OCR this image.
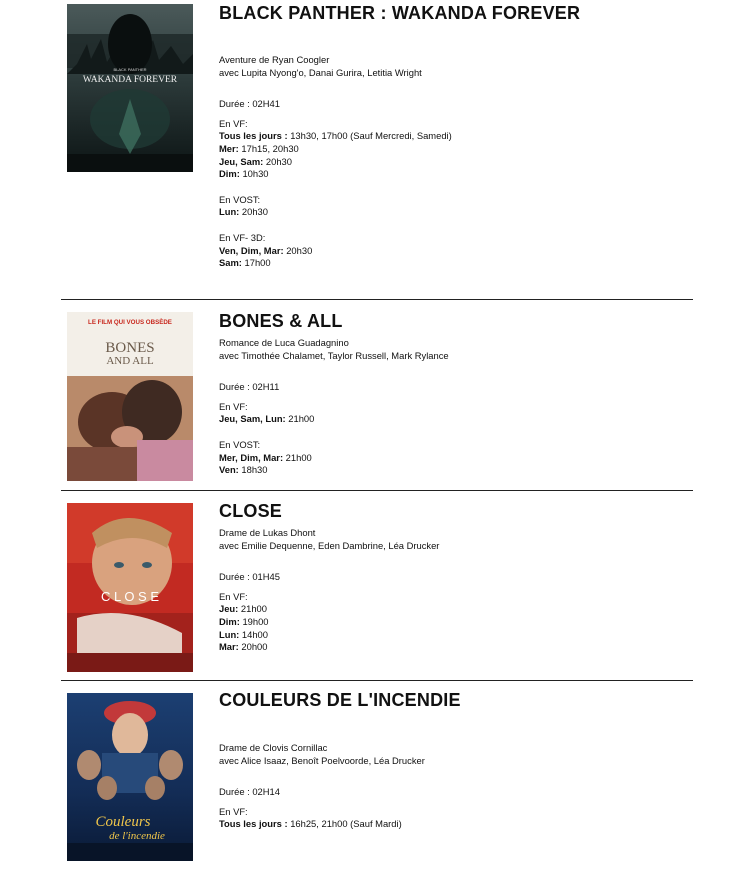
BLACK PANTHER
WAKANDA FOREVER
BLACK PANTHER : WAKANDA FOREVER
Aventure de Ryan Coogler
avec Lupita Nyong'o, Danai Gurira, Letitia Wright
Durée : 02H41
En VF:
Tous les jours : 13h30, 17h00 (Sauf Mercredi, Samedi)
Mer: 17h15, 20h30
Jeu, Sam: 20h30
Dim: 10h30
En VOST:
Lun: 20h30
En VF- 3D:
Ven, Dim, Mar: 20h30
Sam: 17h00
LE FILM QUI VOUS OBSÈDE
BONES
AND ALL
BONES & ALL
Romance de Luca Guadagnino
avec Timothée Chalamet, Taylor Russell, Mark Rylance
Durée : 02H11
En VF:
Jeu, Sam, Lun: 21h00
En VOST:
Mer, Dim, Mar: 21h00
Ven: 18h30
C L O S E
CLOSE
Drame de Lukas Dhont
avec Emilie Dequenne, Eden Dambrine, Léa Drucker
Durée : 01H45
En VF:
Jeu: 21h00
Dim: 19h00
Lun: 14h00
Mar: 20h00
Couleurs
de l'incendie
COULEURS DE L'INCENDIE
Drame de Clovis Cornillac
avec Alice Isaaz, Benoît Poelvoorde, Léa Drucker
Durée : 02H14
En VF:
Tous les jours : 16h25, 21h00 (Sauf Mardi)
